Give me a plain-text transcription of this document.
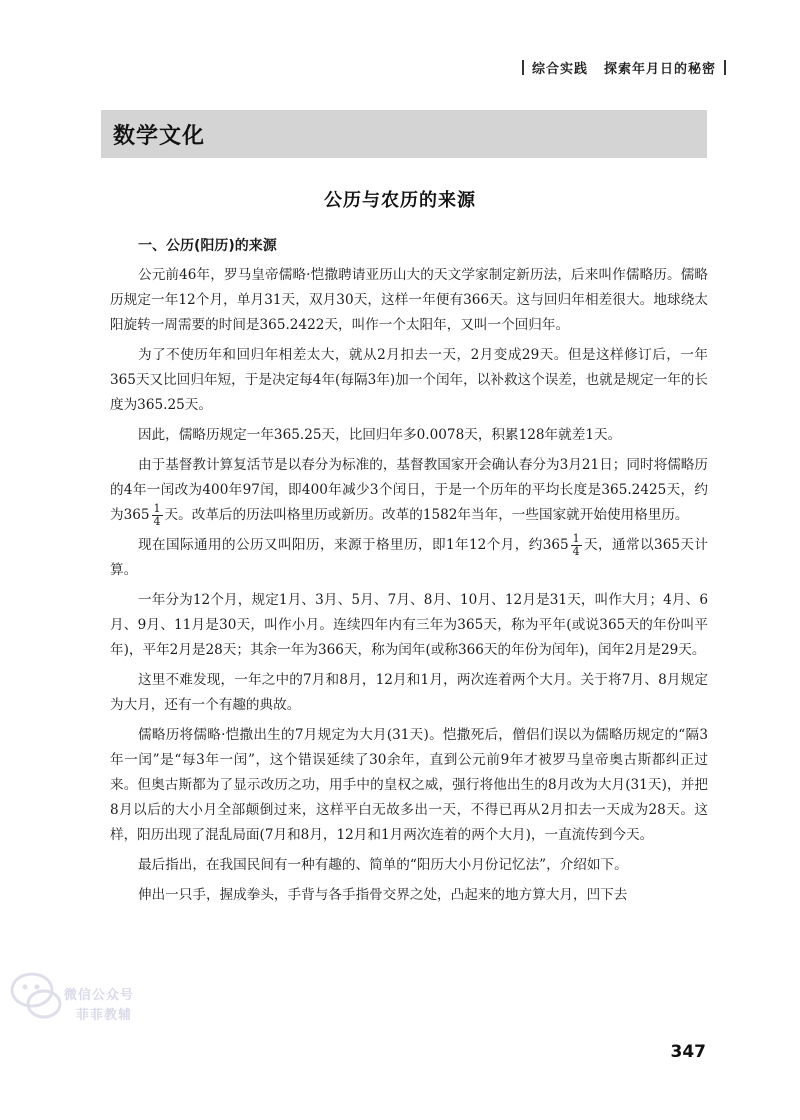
综合实践 探索年月日的秘密
数学文化
公历与农历的来源
一、公历(阳历)的来源

公元前46年，罗马皇帝儒略·恺撒聘请亚历山大的天文学家制定新历法，后来叫作儒略历。儒略历规定一年12个月，单月31天，双月30天，这样一年便有366天。这与回归年相差很大。地球绕太阳旋转一周需要的时间是365.2422天，叫作一个太阳年，又叫一个回归年。

为了不使历年和回归年相差太大，就从2月扣去一天，2月变成29天。但是这样修订后，一年365天又比回归年短，于是决定每4年(每隔3年)加一个闰年，以补救这个误差，也就是规定一年的长度为365.25天。

因此，儒略历规定一年365.25天，比回归年多0.0078天，积累128年就差1天。

由于基督教计算复活节是以春分为标准的，基督教国家开会确认春分为3月21日；同时将儒略历的4年一闰改为400年97闰，即400年减少3个闰日，于是一个历年的平均长度是365.2425天，约为$365 \frac{1}{4}$ 天。改革后的历法叫格里历或新历。改革的1582年当年，一些国家就开始使用格里历。

现在国际通用的公历又叫阳历，来源于格里历，即1年12个月，约$365 \frac{1}{4}$ 天，通常以365天计算。

一年分为12个月，规定1月、3月、5月、7月、8月、10月、12月是31天，叫作大月；4月、6月、9月、11月是30天，叫作小月。连续四年内有三年为365天，称为平年(或说365天的年份叫平年)，平年2月是28天；其余一年为366天，称为闰年(或称366天的年份为闰年)，闰年2月是29天。

这里不难发现，一年之中的7月和8月，12月和1月，两次连着两个大月。关于将7月、8月规定为大月，还有一个有趣的典故。

儒略历将儒略·恺撒出生的7月规定为大月(31天)。恺撒死后，僧侣们误以为儒略历规定的“隔3年一闰”是“每3年一闰”，这个错误延续了30余年，直到公元前9年才被罗马皇帝奥古斯都纠正过来。但奥古斯都为了显示改历之功，用手中的皇权之威，强行将他出生的8月改为大月(31天)，并把8月以后的大小月全部颠倒过来，这样平白无故多出一天，不得已再从2月扣去一天成为28天。这样，阳历出现了混乱局面(7月和8月，12月和1月两次连着的两个大月)，一直流传到今天。

最后指出，在我国民间有一种有趣的、简单的“阳历大小月份记忆法”，介绍如下。

伸出一只手，握成拳头，手背与各手指骨交界之处，凸起来的地方算大月，凹下去

微信公众号
菲菲教辅
347
